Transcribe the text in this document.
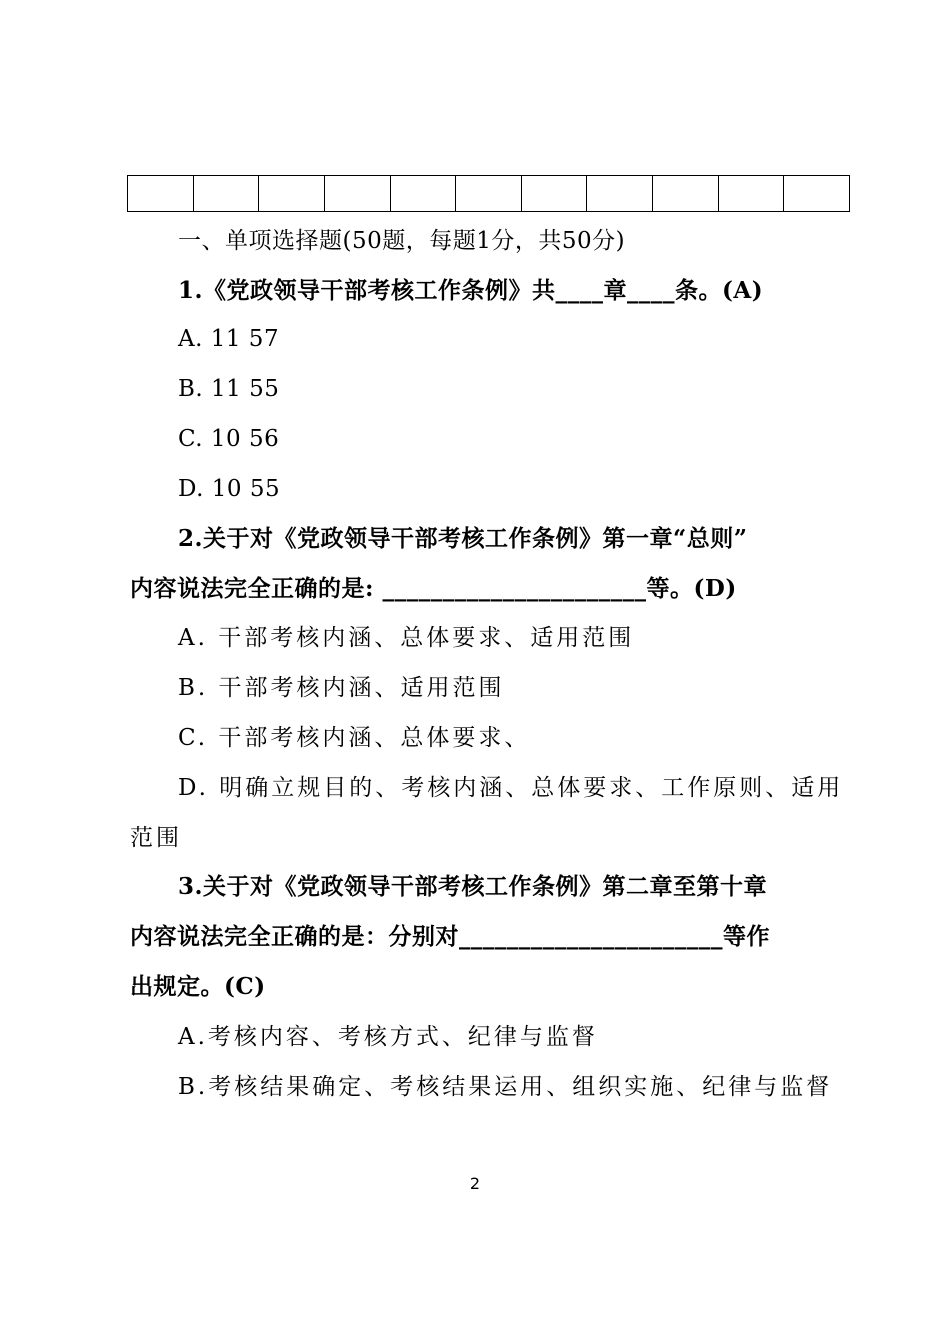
一、单项选择题(50题，每题1分，共50分)
1.《党政领导干部考核工作条例》共____章____条。(A)
A. 11 57
B. 11 55
C. 10 56
D. 10 55
2.关于对《党政领导干部考核工作条例》第一章“总则”
内容说法完全正确的是: ______________________等。(D)
A. 干部考核内涵、总体要求、适用范围
B. 干部考核内涵、适用范围
C. 干部考核内涵、总体要求、
D. 明确立规目的、考核内涵、总体要求、工作原则、适用
范围
3.关于对《党政领导干部考核工作条例》第二章至第十章
内容说法完全正确的是：分别对______________________等作
出规定。(C)
A.考核内容、考核方式、纪律与监督
B.考核结果确定、考核结果运用、组织实施、纪律与监督
2
